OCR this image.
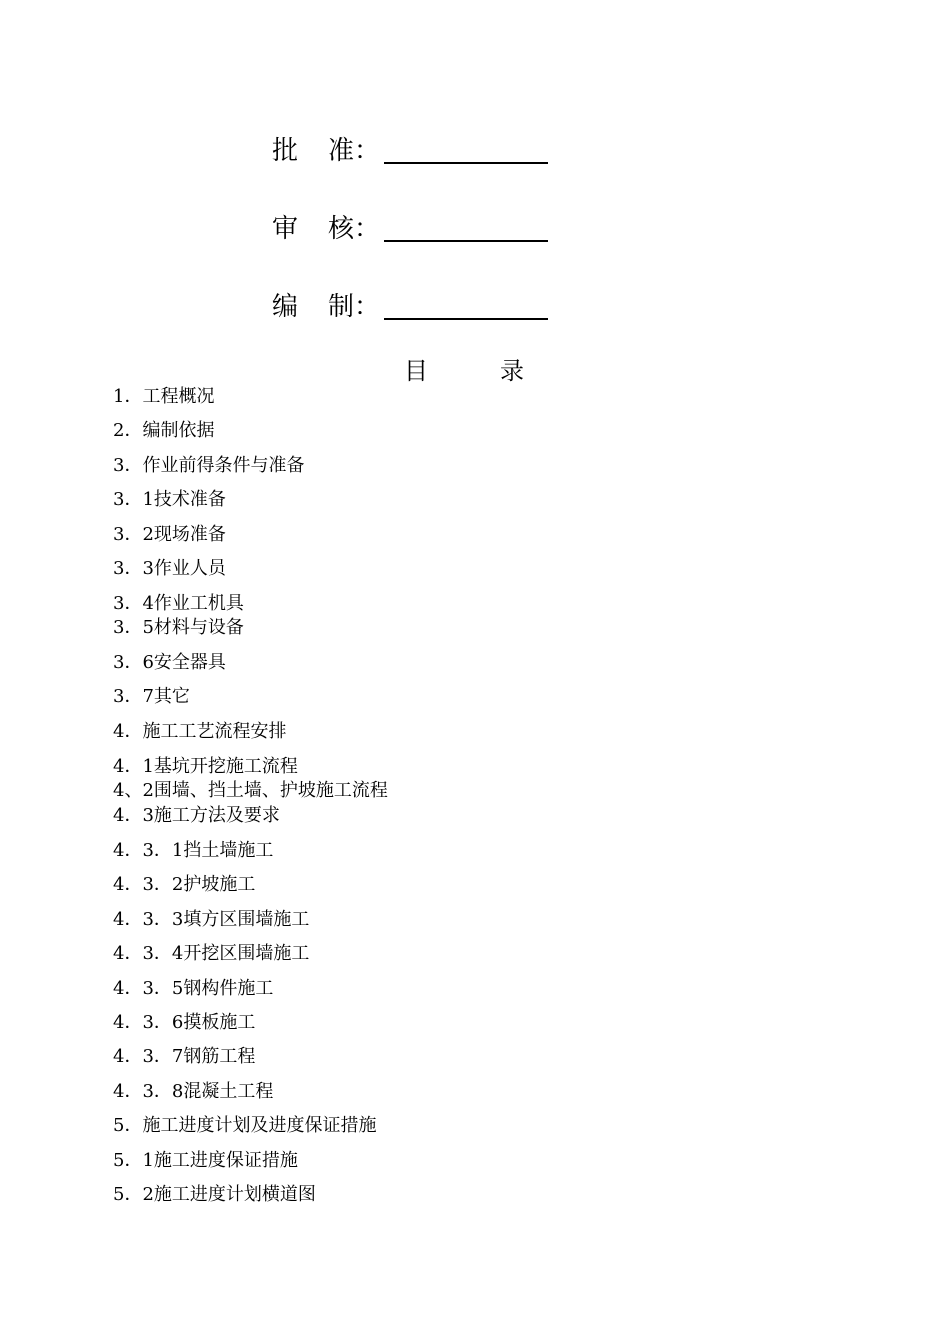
批 准：
审 核：
编 制：
目	录
1．工程概况
2．编制依据
3．作业前得条件与准备
3．1技术准备
3．2现场准备
3．3作业人员
3．4作业工机具
3．5材料与设备
3．6安全器具
3．7其它
4．施工工艺流程安排
4．1基坑开挖施工流程
4、2围墙、挡土墙、护坡施工流程
4．3施工方法及要求
4．3．1挡土墙施工
4．3．2护坡施工
4．3．3填方区围墙施工
4．3．4开挖区围墙施工
4．3．5钢构件施工
4．3．6摸板施工
4．3．7钢筋工程
4．3．8混凝土工程
5．施工进度计划及进度保证措施
5．1施工进度保证措施
5．2施工进度计划横道图
